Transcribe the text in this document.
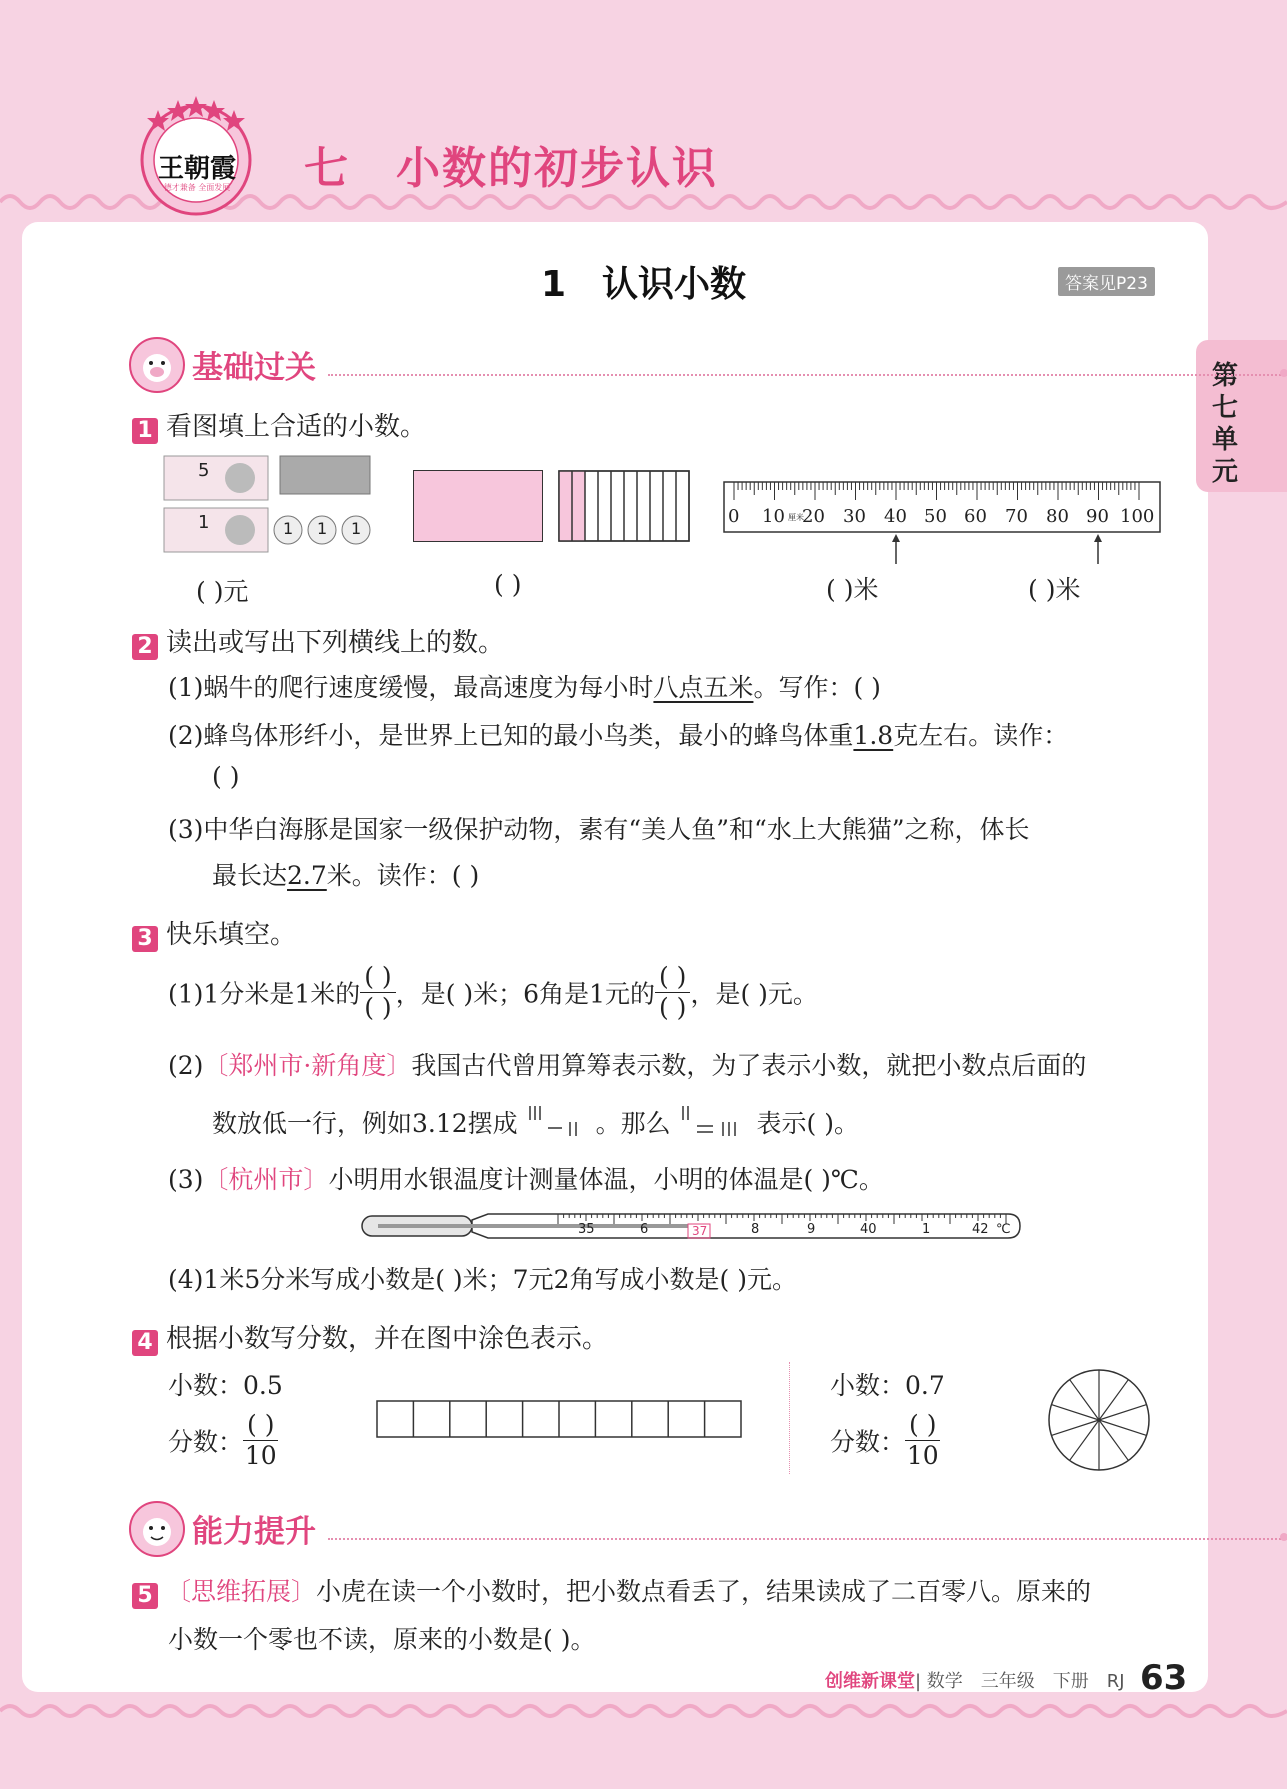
王朝霞
德才兼备 全面发展 七　小数的初步认识
1　认识小数	答案见P23
第七单元
基础过关
1 看图填上合适的小数。
5
1	1 1 1
0 10 厘米
20 30 40 50 60 70 80 90 100
( )元	( )	( )米	( )米
2 读出或写出下列横线上的数。
(1)蜗牛的爬行速度缓慢，最高速度为每小时八点五米。写作：( )
(2)蜂鸟体形纤小，是世界上已知的最小鸟类，最小的蜂鸟体重1.8克左右。读作：
( )
(3)中华白海豚是国家一级保护动物，素有“美人鱼”和“水上大熊猫”之称，体长
最长达2.7米。读作：( )
3 快乐填空。
(1)1分米是1米的 $\frac{( )}{( )}$ ，是( )米；6角是1元的 $\frac{( )}{( )}$ ，是( )元。
(2)〔郑州市·新角度〕我国古代曾用算筹表示数，为了表示小数，就把小数点后面的
数放低一行，例如3.12摆成	。那么	表示( )。
(3)〔杭州市〕小明用水银温度计测量体温，小明的体温是( )℃。
35	6	37	8	9	40	1	42 ℃
(4)1米5分米写成小数是( )米；7元2角写成小数是( )元。
4 根据小数写分数，并在图中涂色表示。
小数：0.5
分数： $\frac{( )}{10}$
小数：0.7
分数： $\frac{( )}{10}$
能力提升
5 〔思维拓展〕小虎在读一个小数时，把小数点看丢了，结果读成了二百零八。原来的
小数一个零也不读，原来的小数是( )。
创维新课堂| 数学　三年级　下册　RJ 63
